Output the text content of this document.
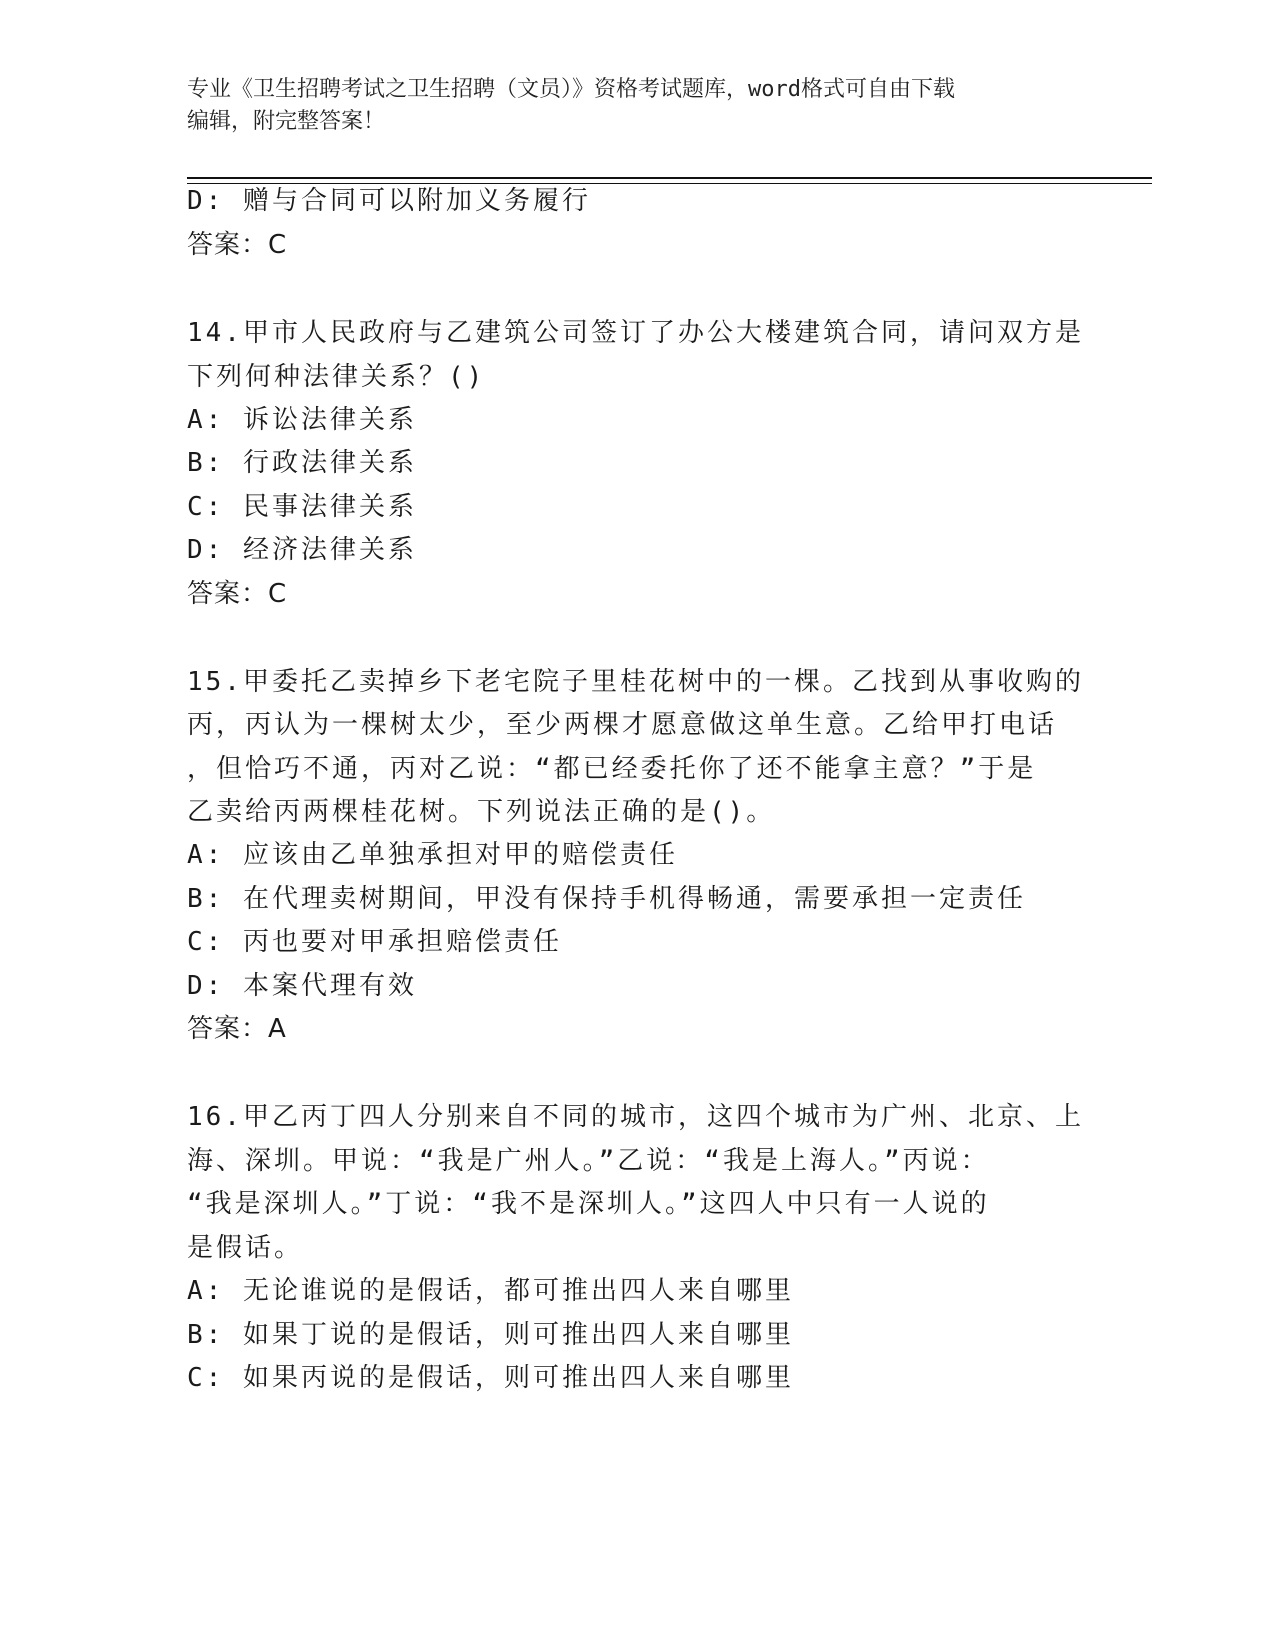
专业《卫生招聘考试之卫生招聘（文员）》资格考试题库，word格式可自由下载
编辑，附完整答案！
D: 赠与合同可以附加义务履行
答案：C
14.甲市人民政府与乙建筑公司签订了办公大楼建筑合同，请问双方是
下列何种法律关系？()
A: 诉讼法律关系
B: 行政法律关系
C: 民事法律关系
D: 经济法律关系
答案：C
15.甲委托乙卖掉乡下老宅院子里桂花树中的一棵。乙找到从事收购的
丙，丙认为一棵树太少，至少两棵才愿意做这单生意。乙给甲打电话
，但恰巧不通，丙对乙说：“都已经委托你了还不能拿主意？”于是
乙卖给丙两棵桂花树。下列说法正确的是()。
A: 应该由乙单独承担对甲的赔偿责任
B: 在代理卖树期间，甲没有保持手机得畅通，需要承担一定责任
C: 丙也要对甲承担赔偿责任
D: 本案代理有效
答案：A
16.甲乙丙丁四人分别来自不同的城市，这四个城市为广州、北京、上
海、深圳。甲说：“我是广州人。”乙说：“我是上海人。”丙说：
“我是深圳人。”丁说：“我不是深圳人。”这四人中只有一人说的
是假话。
A: 无论谁说的是假话，都可推出四人来自哪里
B: 如果丁说的是假话，则可推出四人来自哪里
C: 如果丙说的是假话，则可推出四人来自哪里
